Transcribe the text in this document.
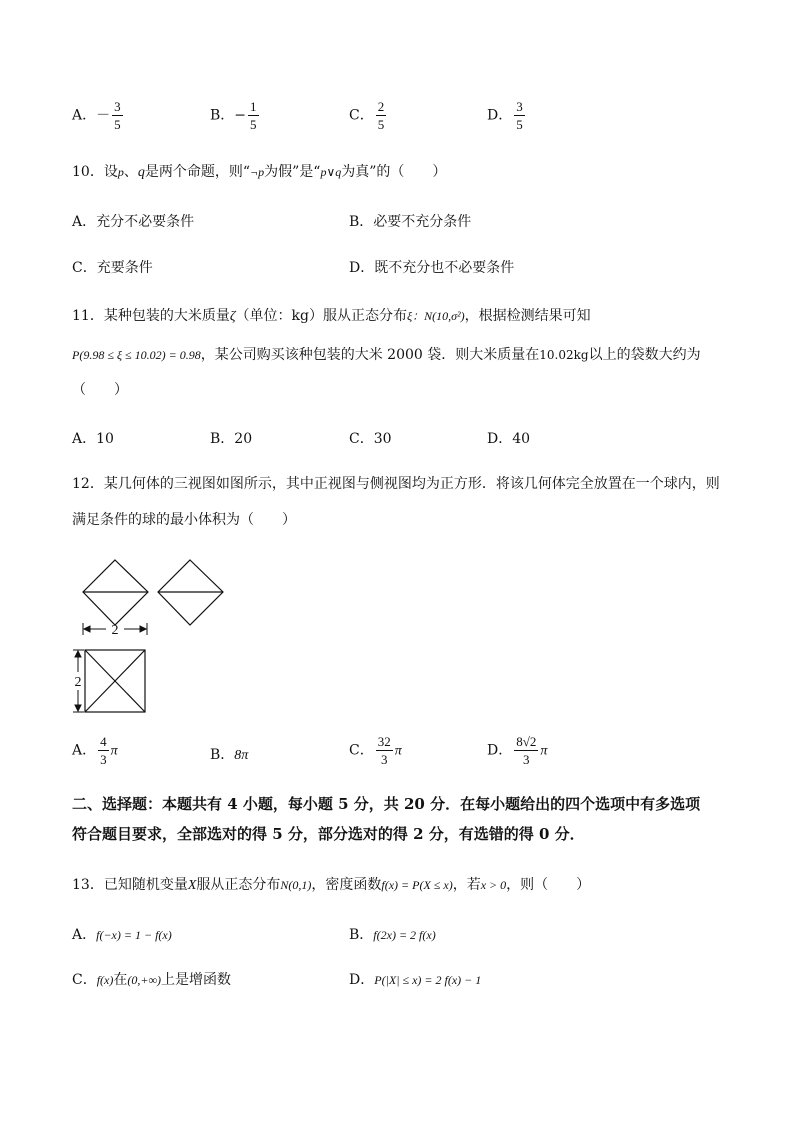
A．－ $\frac{3}{5}$	B．− $\frac{1}{5}$	C． $\frac{2}{5}$	D． $\frac{3}{5}$
10．设p、q是两个命题，则“¬p为假”是“p∨q为真”的（　　）
A．充分不必要条件	B．必要不充分条件
C．充要条件	D．既不充分也不必要条件
11．某种包装的大米质量ζ（单位：kg）服从正态分布ξ：N(10,σ²)，根据检测结果可知
P(9.98 ≤ ξ ≤ 10.02) = 0.98，某公司购买该种包装的大米 2000 袋．则大米质量在10.02kg以上的袋数大约为
（　　）
A．10	B．20	C．30	D．40
12．某几何体的三视图如图所示，其中正视图与侧视图均为正方形．将该几何体完全放置在一个球内，则
满足条件的球的最小体积为（　　）
2
2
A． $\frac{4}{3}$ π	B．8π	C． $\frac{32}{3}$ π	D． $\frac{8√2}{3}$ π
二、选择题：本题共有 4 小题，每小题 5 分，共 20 分．在每小题给出的四个选项中有多选项
符合题目要求，全部选对的得 5 分，部分选对的得 2 分，有选错的得 0 分．
13．已知随机变量X服从正态分布N(0,1)，密度函数f(x) = P(X ≤ x)，若x > 0，则（　　）
A．f(−x) = 1 − f(x)	B．f(2x) = 2 f(x)
C．f(x)在(0,+∞)上是增函数	D．P(|X| ≤ x) = 2 f(x) − 1
